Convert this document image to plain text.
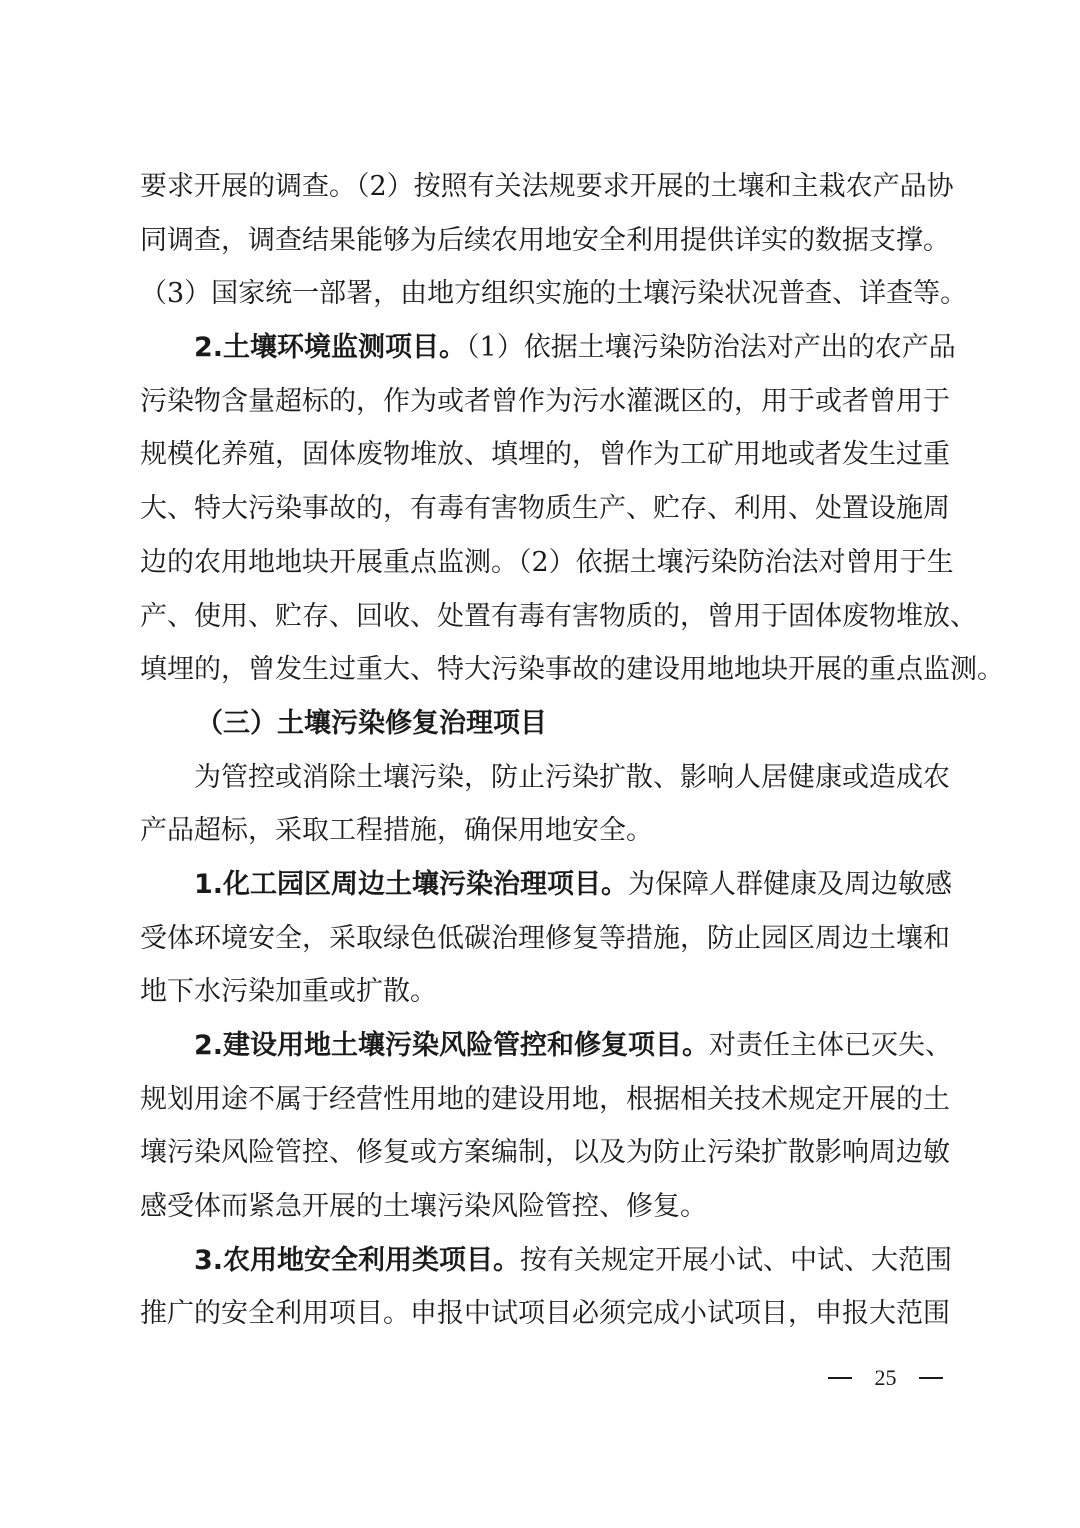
要求开展的调查。（2）按照有关法规要求开展的土壤和主栽农产品协
同调查，调查结果能够为后续农用地安全利用提供详实的数据支撑。
（3）国家统一部署，由地方组织实施的土壤污染状况普查、详查等。
2.土壤环境监测项目。（1）依据土壤污染防治法对产出的农产品
污染物含量超标的，作为或者曾作为污水灌溉区的，用于或者曾用于
规模化养殖，固体废物堆放、填埋的，曾作为工矿用地或者发生过重
大、特大污染事故的，有毒有害物质生产、贮存、利用、处置设施周
边的农用地地块开展重点监测。（2）依据土壤污染防治法对曾用于生
产、使用、贮存、回收、处置有毒有害物质的，曾用于固体废物堆放、
填埋的，曾发生过重大、特大污染事故的建设用地地块开展的重点监测。
（三）土壤污染修复治理项目
为管控或消除土壤污染，防止污染扩散、影响人居健康或造成农
产品超标，采取工程措施，确保用地安全。
1.化工园区周边土壤污染治理项目。为保障人群健康及周边敏感
受体环境安全，采取绿色低碳治理修复等措施，防止园区周边土壤和
地下水污染加重或扩散。
2.建设用地土壤污染风险管控和修复项目。对责任主体已灭失、
规划用途不属于经营性用地的建设用地，根据相关技术规定开展的土
壤污染风险管控、修复或方案编制，以及为防止污染扩散影响周边敏
感受体而紧急开展的土壤污染风险管控、修复。
3.农用地安全利用类项目。按有关规定开展小试、中试、大范围
推广的安全利用项目。申报中试项目必须完成小试项目，申报大范围
25
